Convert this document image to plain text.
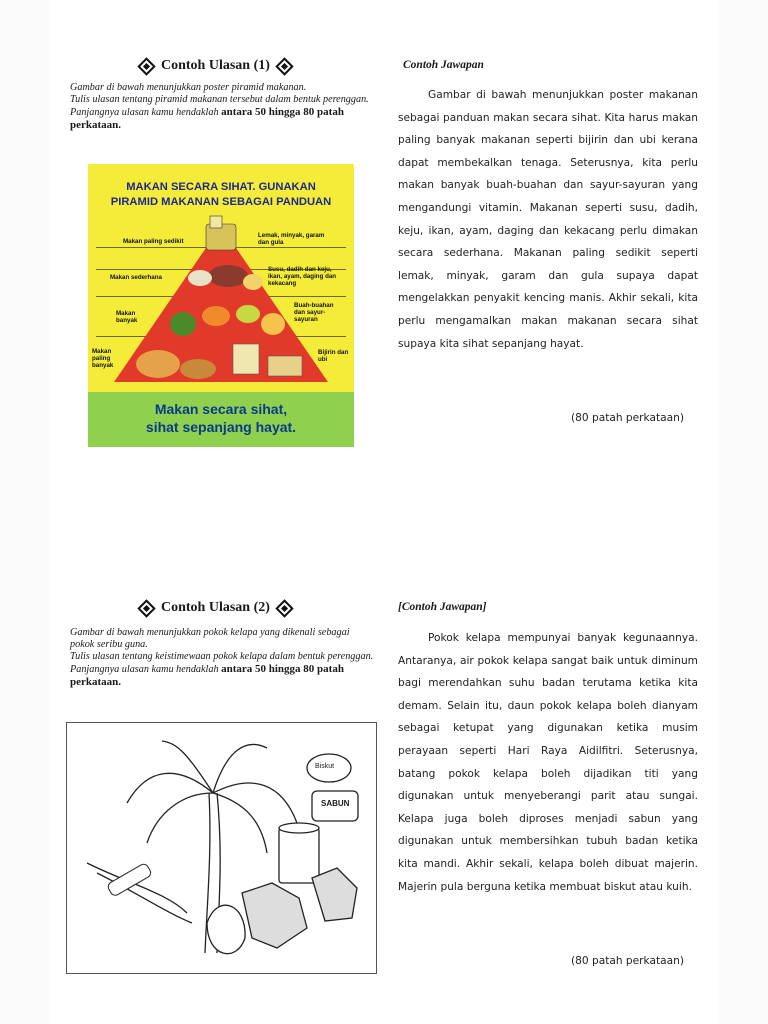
Contoh Ulasan (1)

Gambar di bawah menunjukkan poster piramid makanan.

Tulis ulasan tentang piramid makanan tersebut dalam bentuk perenggan.

Panjangnya ulasan kamu hendaklah antara 50 hingga 80 patah perkataan.

Contoh Jawapan

Gambar di bawah menunjukkan poster makanan sebagai panduan makan secara sihat. Kita harus makan paling banyak makanan seperti bijirin dan ubi kerana dapat membekalkan tenaga. Seterusnya, kita perlu makan banyak buah-buahan dan sayur-sayuran yang mengandungi vitamin. Makanan seperti susu, dadih, keju, ikan, ayam, daging dan kekacang perlu dimakan secara sederhana. Makanan paling sedikit seperti lemak, minyak, garam dan gula supaya dapat mengelakkan penyakit kencing manis. Akhir sekali, kita perlu mengamalkan makan makanan secara sihat supaya kita sihat sepanjang hayat.

(80 patah perkataan)
MAKAN SECARA SIHAT. GUNAKAN
PIRAMID MAKANAN SEBAGAI PANDUAN
Makan paling sedikit
Makan sederhana
Makan banyak
Makan paling banyak
Lemak, minyak, garam dan gula
Susu, dadih dan keju, ikan, ayam, daging dan kekacang
Buah-buahan dan sayur-sayuran
Bijirin dan ubi
Makan secara sihat,
sihat sepanjang hayat.
Contoh Ulasan (2)

Gambar di bawah menunjukkan pokok kelapa yang dikenali sebagai pokok seribu guna.

Tulis ulasan tentang keistimewaan pokok kelapa dalam bentuk perenggan.

Panjangnya ulasan kamu hendaklah antara 50 hingga 80 patah perkataan.

[Contoh Jawapan]

Pokok kelapa mempunyai banyak kegunaannya. Antaranya, air pokok kelapa sangat baik untuk diminum bagi merendahkan suhu badan terutama ketika kita demam. Selain itu, daun pokok kelapa boleh dianyam sebagai ketupat yang digunakan ketika musim perayaan seperti Hari Raya Aidilfitri. Seterusnya, batang pokok kelapa boleh dijadikan titi yang digunakan untuk menyeberangi parit atau sungai. Kelapa juga boleh diproses menjadi sabun yang digunakan untuk membersihkan tubuh badan ketika kita mandi. Akhir sekali, kelapa boleh dibuat majerin. Majerin pula berguna ketika membuat biskut atau kuih.

(80 patah perkataan)
SABUN
Biskut
